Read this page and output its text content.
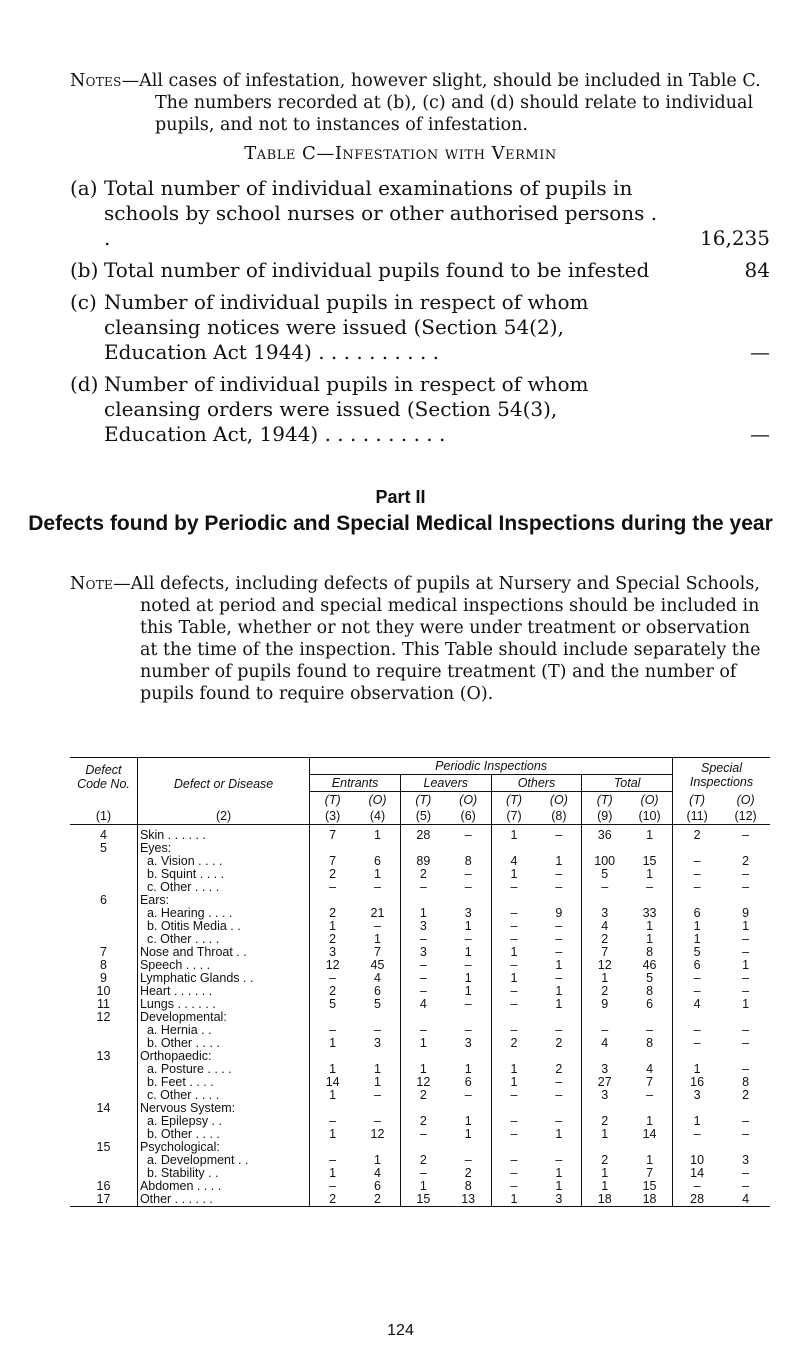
Notes—All cases of infestation, however slight, should be included in Table C. The numbers recorded at (b), (c) and (d) should relate to individual pupils, and not to instances of infestation.
Table C—Infestation with Vermin
(a) Total number of individual examinations of pupils in schools by school nurses or other authorised persons . .	16,235
(b) Total number of individual pupils found to be infested	84
(c) Number of individual pupils in respect of whom cleansing notices were issued (Section 54(2), Education Act 1944) . . . . . . . . . .	—
(d) Number of individual pupils in respect of whom cleansing orders were issued (Section 54(3), Education Act, 1944) . . . . . . . . . .	—
Part II
Defects found by Periodic and Special Medical Inspections during the year
Note—All defects, including defects of pupils at Nursery and Special Schools, noted at period and special medical inspections should be included in this Table, whether or not they were under treatment or observation at the time of the inspection. This Table should include separately the number of pupils found to require treatment (T) and the number of pupils found to require observation (O).
Defect Code No.	Defect or Disease	Periodic Inspections								Special Inspections	
		Entrants		Leavers		Others		Total			
		(T)	(O)	(T)	(O)	(T)	(O)	(T)	(O)	(T)	(O)
(1)	(2)	(3)	(4)	(5)	(6)	(7)	(8)	(9)	(10)	(11)	(12)

4	Skin . . . . . .	7	1	28	–	1	–	36	1	2	–
5	Eyes:										
	a. Vision . . . .	7	6	89	8	4	1	100	15	–	2
	b. Squint . . . .	2	1	2	–	1	–	5	1	–	–
	c. Other . . . .	–	–	–	–	–	–	–	–	–	–
6	Ears:										
	a. Hearing . . . .	2	21	1	3	–	9	3	33	6	9
	b. Otitis Media . .	1	–	3	1	–	–	4	1	1	1
	c. Other . . . .	2	1	–	–	–	–	2	1	1	–
7	Nose and Throat . .	3	7	3	1	1	–	7	8	5	–
8	Speech . . . .	12	45	–	–	–	1	12	46	6	1
9	Lymphatic Glands . .	–	4	–	1	1	–	1	5	–	–
10	Heart . . . . . .	2	6	–	1	–	1	2	8	–	–
11	Lungs . . . . . .	5	5	4	–	–	1	9	6	4	1
12	Developmental:										
	a. Hernia . .	–	–	–	–	–	–	–	–	–	–
	b. Other . . . .	1	3	1	3	2	2	4	8	–	–
13	Orthopaedic:										
	a. Posture . . . .	1	1	1	1	1	2	3	4	1	–
	b. Feet . . . .	14	1	12	6	1	–	27	7	16	8
	c. Other . . . .	1	–	2	–	–	–	3	–	3	2
14	Nervous System:										
	a. Epilepsy . .	–	–	2	1	–	–	2	1	1	–
	b. Other . . . .	1	12	–	1	–	1	1	14	–	–
15	Psychological:										
	a. Development . .	–	1	2	–	–	–	2	1	10	3
	b. Stability . .	1	4	–	2	–	1	1	7	14	–
16	Abdomen . . . .	–	6	1	8	–	1	1	15	–	–
17	Other . . . . . .	2	2	15	13	1	3	18	18	28	4
124
